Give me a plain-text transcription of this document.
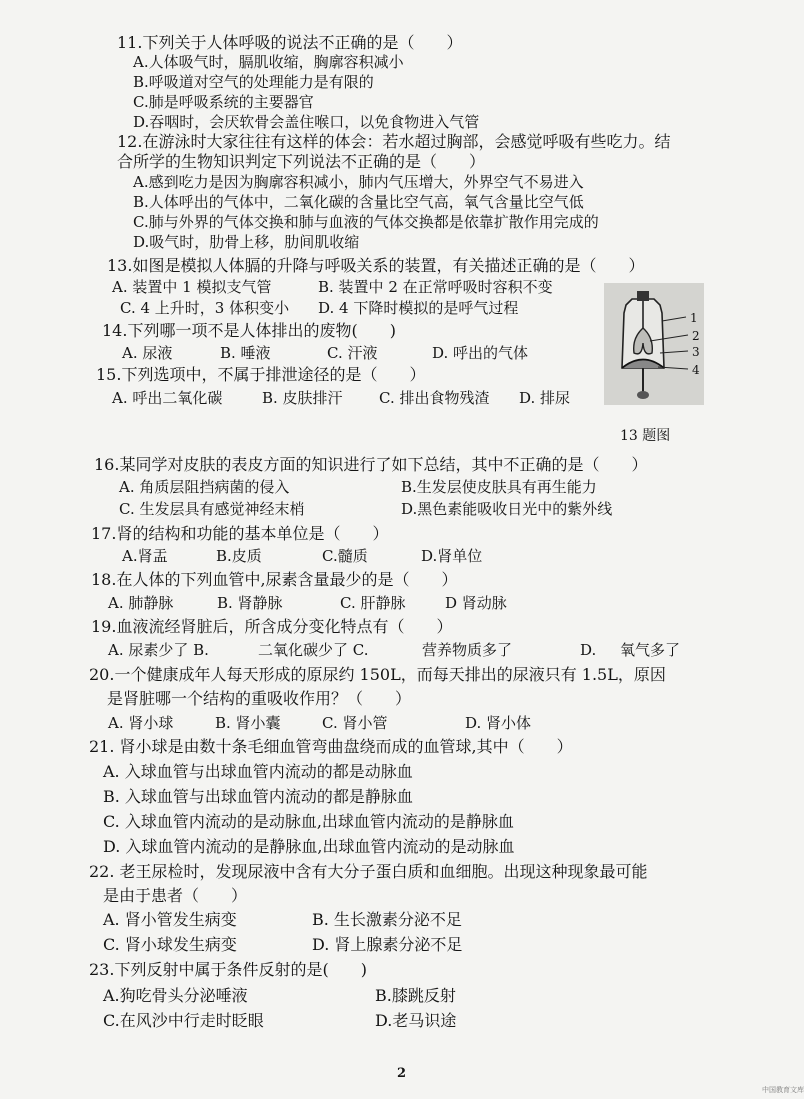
11.下列关于人体呼吸的说法不正确的是（　　）
A.人体吸气时，膈肌收缩，胸廓容积减小
B.呼吸道对空气的处理能力是有限的
C.肺是呼吸系统的主要器官
D.吞咽时，会厌软骨会盖住喉口，以免食物进入气管
12.在游泳时大家往往有这样的体会：若水超过胸部，会感觉呼吸有些吃力。结
合所学的生物知识判定下列说法不正确的是（　　）
A.感到吃力是因为胸廓容积减小，肺内气压增大，外界空气不易进入
B.人体呼出的气体中，二氧化碳的含量比空气高，氧气含量比空气低
C.肺与外界的气体交换和肺与血液的气体交换都是依靠扩散作用完成的
D.吸气时，肋骨上移，肋间肌收缩
13.如图是模拟人体膈的升降与呼吸关系的装置，有关描述正确的是（　　）
A. 装置中 1 模拟支气管	B. 装置中 2 在正常呼吸时容积不变
C. 4 上升时，3 体积变小 D. 4 下降时模拟的是呼气过程
14.下列哪一项不是人体排出的废物(　　)
A. 尿液	B. 唾液	C. 汗液	D. 呼出的气体
15.下列选项中，不属于排泄途径的是（　　）
A. 呼出二氧化碳	B. 皮肤排汗 C. 排出食物残渣 D. 排尿
1
2
3
4
13 题图
16.某同学对皮肤的表皮方面的知识进行了如下总结，其中不正确的是（　　）
A. 角质层阻挡病菌的侵入	B.生发层使皮肤具有再生能力
C. 生发层具有感觉神经末梢	D.黑色素能吸收日光中的紫外线
17.肾的结构和功能的基本单位是（　　）
A.肾盂	B.皮质	C.髓质	D.肾单位
18.在人体的下列血管中,尿素含量最少的是（　　）
A. 肺静脉	B. 肾静脉	C. 肝静脉	D 肾动脉
19.血液流经肾脏后，所含成分变化特点有（　　）
A. 尿素少了 B.	二氧化碳少了 C.	营养物质多了	D. 氧气多了
20.一个健康成年人每天形成的原尿约 150L，而每天排出的尿液只有 1.5L，原因
是肾脏哪一个结构的重吸收作用？（　　）
A. 肾小球	B. 肾小囊	C. 肾小管	D. 肾小体
21. 肾小球是由数十条毛细血管弯曲盘绕而成的血管球,其中（　　）
A. 入球血管与出球血管内流动的都是动脉血
B. 入球血管与出球血管内流动的都是静脉血
C. 入球血管内流动的是动脉血,出球血管内流动的是静脉血
D. 入球血管内流动的是静脉血,出球血管内流动的是动脉血
22. 老王尿检时，发现尿液中含有大分子蛋白质和血细胞。出现这种现象最可能
是由于患者（　　）
A. 肾小管发生病变	B. 生长激素分泌不足
C. 肾小球发生病变	D. 肾上腺素分泌不足
23.下列反射中属于条件反射的是(　　)
A.狗吃骨头分泌唾液	B.膝跳反射
C.在风沙中行走时眨眼	D.老马识途
2
中国教育文库
